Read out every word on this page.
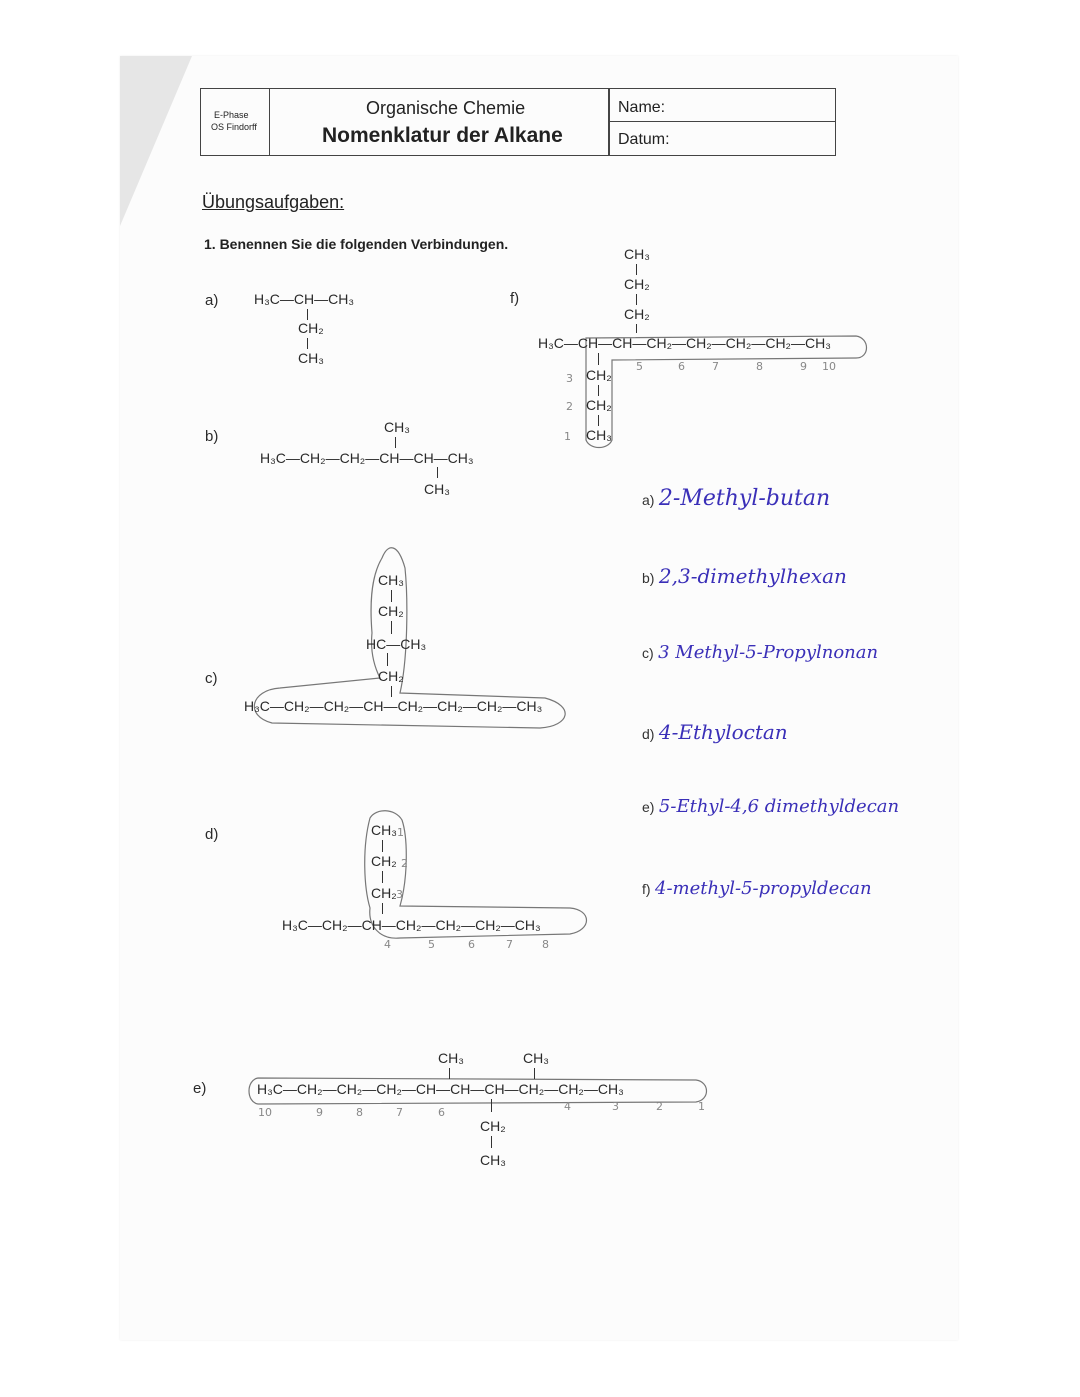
E-Phase
OS Findorff
Organische Chemie
Nomenklatur der Alkane
Name:
Datum:
Übungsaufgaben:
1. Benennen Sie die folgenden Verbindungen.
a)
b)
c)
d)
e)
f)
H₃C—CH—CH₃
CH₂
CH₃
CH₃
H₃C—CH₂—CH₂—CH—CH—CH₃
CH₃
CH₃
CH₂
HC—CH₃
CH₂
H₃C—CH₂—CH₂—CH—CH₂—CH₂—CH₂—CH₃
CH₃
CH₂
CH₂
H₃C—CH₂—CH—CH₂—CH₂—CH₂—CH₃
1
2
3
4	5	6	7	8
CH₃	CH₃
H₃C—CH₂—CH₂—CH₂—CH—CH—CH—CH₂—CH₂—CH₃
CH₂
CH₃
10	9	8	7	6	4	3	2	1
CH₃
CH₂
CH₂
H₃C—CH—CH—CH₂—CH₂—CH₂—CH₂—CH₃
CH₂
CH₂
CH₃
5	6 7	8	9 10
3
2
1
a) 2-Methyl-butan
b) 2,3-dimethylhexan
c) 3 Methyl-5-Propylnonan
d) 4-Ethyloctan
e) 5-Ethyl-4,6 dimethyldecan
f) 4-methyl-5-propyldecan
